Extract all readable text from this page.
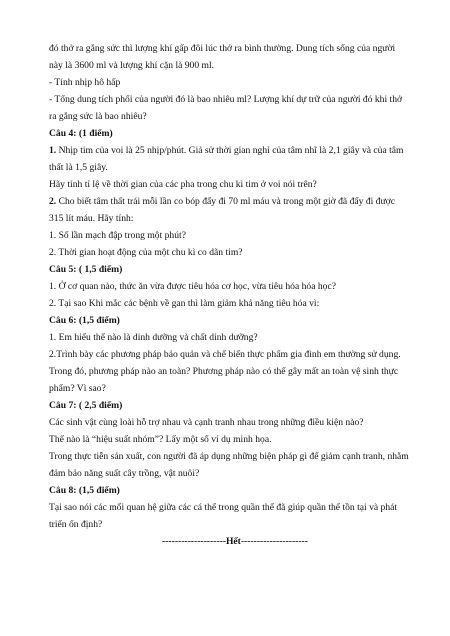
đó thở ra gắng sức thì lượng khí gấp đôi lúc thở ra bình thường. Dung tích sống của người

này là 3600 ml và lượng khí cặn là 900 ml.

- Tính nhịp hô hấp

- Tổng dung tích phổi của người đó là bao nhiêu ml? Lượng khí dự trữ của người đó khi thở

ra gắng sức là bao nhiêu?

Câu 4: (1 điểm)

1. Nhịp tim của voi là 25 nhịp/phút. Giả sử thời gian nghỉ của tâm nhĩ là 2,1 giây và của tâm

thất là 1,5 giây.

Hãy tính tỉ lệ về thời gian của các pha trong chu kì tim ở voi nói trên?

2. Cho biết tâm thất trái mỗi lần co bóp đẩy đi 70 ml máu và trong một giờ đã đẩy đi được

315 lít máu. Hãy tính:

1. Số lần mạch đập trong một phút?

2. Thời gian hoạt động của một chu kì co dãn tim?

Câu 5: ( 1,5 điểm)

1. Ở cơ quan nào, thức ăn vừa được tiêu hóa cơ học, vừa tiêu hóa hóa học?

2. Tại sao Khi mắc các bệnh về gan thì làm giảm khả năng tiêu hóa vì:

Câu 6: (1,5 điểm)

1. Em hiểu thế nào là dinh dưỡng và chất dinh dưỡng?

2.Trình bày các phương pháp bảo quản và chế biến thực phẩm gia đình em thường sử dụng.

Trong đó, phương pháp nào an toàn? Phương pháp nào có thể gây mất an toàn vệ sinh thực

phẩm? Vì sao?

Câu 7: ( 2,5 điểm)

Các sinh vật cùng loài hỗ trợ nhau và cạnh tranh nhau trong những điều kiện nào?

Thế nào là “hiệu suất nhóm”? Lấy một số ví dụ minh họa.

Trong thực tiễn sản xuất, con người đã áp dụng những biện pháp gì để giảm cạnh tranh, nhằm

đảm bảo năng suất cây trồng, vật nuôi?

Câu 8: (1,5 điểm)

Tại sao nói các mối quan hệ giữa các cá thể trong quần thể đã giúp quần thể tồn tại và phát

triển ổn định?

--------------------Hết---------------------
